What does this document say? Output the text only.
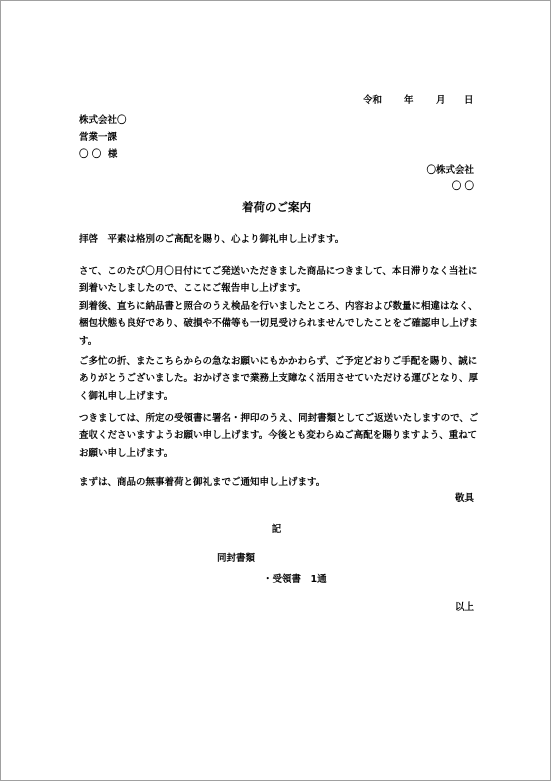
令和 年 月 日
株式会社〇
営業一課
〇 〇  様
〇株式会社
〇 〇
着荷のご案内
拝啓　平素は格別のご高配を賜り、心より御礼申し上げます。

さて、このたび〇月〇日付にてご発送いただきました商品につきまして、本日滞りなく当社に到着いたしましたので、ここにご報告申し上げます。

到着後、直ちに納品書と照合のうえ検品を行いましたところ、内容および数量に相違はなく、梱包状態も良好であり、破損や不備等も一切見受けられませんでしたことをご確認申し上げます。

ご多忙の折、またこちらからの急なお願いにもかかわらず、ご予定どおりご手配を賜り、誠にありがとうございました。おかげさまで業務上支障なく活用させていただける運びとなり、厚く御礼申し上げます。
つきましては、所定の受領書に署名・押印のうえ、同封書類としてご返送いたしますので、ご査収くださいますようお願い申し上げます。今後とも変わらぬご高配を賜りますよう、重ねてお願い申し上げます。
まずは、商品の無事着荷と御礼までご通知申し上げます。
敬具
記
同封書類
・受領書　1通
以上
